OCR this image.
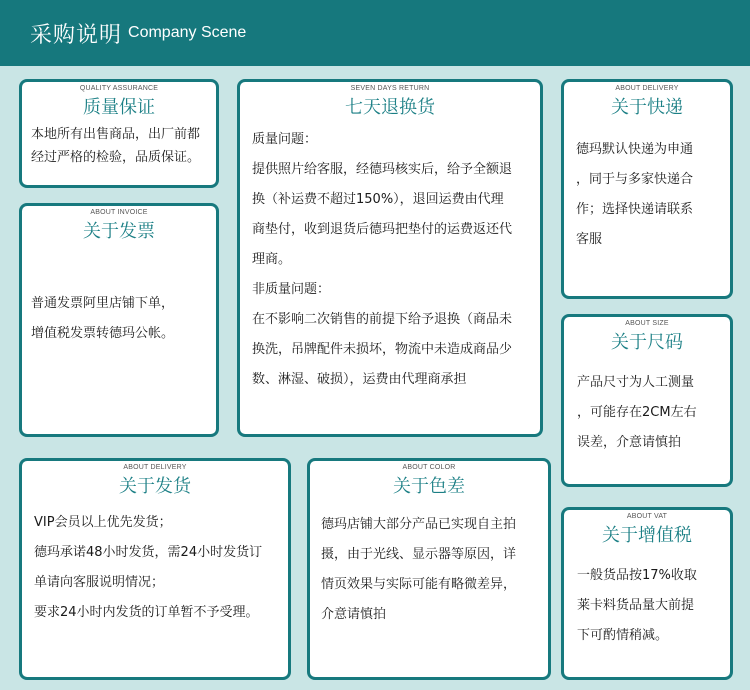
采购说明 Company Scene
QUALITY ASSURANCE
质量保证
本地所有出售商品，出厂前都
经过严格的检验，品质保证。
SEVEN DAYS RETURN
七天退换货
质量问题：
提供照片给客服，经德玛核实后，给予全额退
换（补运费不超过150%），退回运费由代理
商垫付，收到退货后德玛把垫付的运费返还代
理商。
非质量问题：
在不影响二次销售的前提下给予退换（商品未
换洗，吊牌配件未损坏，物流中未造成商品少
数、淋湿、破损），运费由代理商承担
ABOUT DELIVERY
关于快递
德玛默认快递为申通
，同于与多家快递合
作；选择快递请联系
客服
ABOUT INVOICE
关于发票
普通发票阿里店铺下单，
增值税发票转德玛公帐。
ABOUT SIZE
关于尺码
产品尺寸为人工测量
，可能存在2CM左右
误差，介意请慎拍
ABOUT DELIVERY
关于发货
VIP会员以上优先发货；
德玛承诺48小时发货，需24小时发货订
单请向客服说明情况；
要求24小时内发货的订单暂不予受理。
ABOUT COLOR
关于色差
德玛店铺大部分产品已实现自主拍
摄，由于光线、显示器等原因，详
情页效果与实际可能有略微差异，
介意请慎拍
ABOUT VAT
关于增值税
一般货品按17%收取
莱卡料货品量大前提
下可酌情稍减。
